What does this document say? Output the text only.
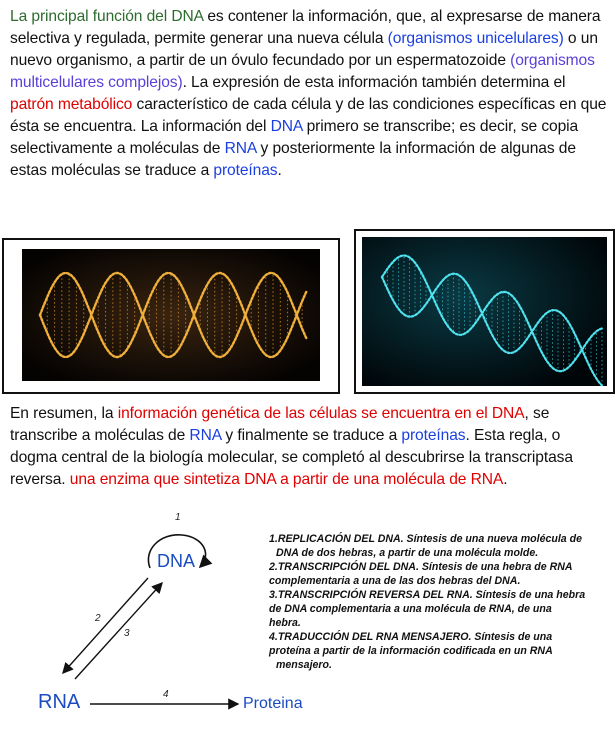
La principal función del DNA es contener la información, que, al expresarse de manera selectiva y regulada, permite generar una nueva célula (organismos unicelulares) o un nuevo organismo, a partir de un óvulo fecundado por un espermatozoide (organismos multicelulares complejos). La expresión de esta información también determina el patrón metabólico característico de cada célula y de las condiciones específicas en que ésta se encuentra. La información del DNA primero se transcribe; es decir, se copia selectivamente a moléculas de RNA y posteriormente la información de algunas de estas moléculas se traduce a proteínas.
En resumen, la información genética de las células se encuentra en el DNA, se transcribe a moléculas de RNA y finalmente se traduce a proteínas. Esta regla, o dogma central de la biología molecular, se completó al descubrirse la transcriptasa reversa. una enzima que sintetiza DNA a partir de una molécula de RNA.
DNA
RNA	Proteina
1
2
3
4
1.REPLICACIÓN DEL DNA. Síntesis de una nueva molécula de
DNA de dos hebras, a partir de una molécula molde.
2.TRANSCRIPCIÓN DEL DNA. Síntesis de una hebra de RNA
complementaria a una de las dos hebras del DNA.
3.TRANSCRIPCIÓN REVERSA DEL RNA. Síntesis de una hebra
de DNA complementaria a una molécula de RNA, de una
hebra.
4.TRADUCCIÓN DEL RNA MENSAJERO. Síntesis de una
proteína a partir de la información codificada en un RNA
mensajero.
